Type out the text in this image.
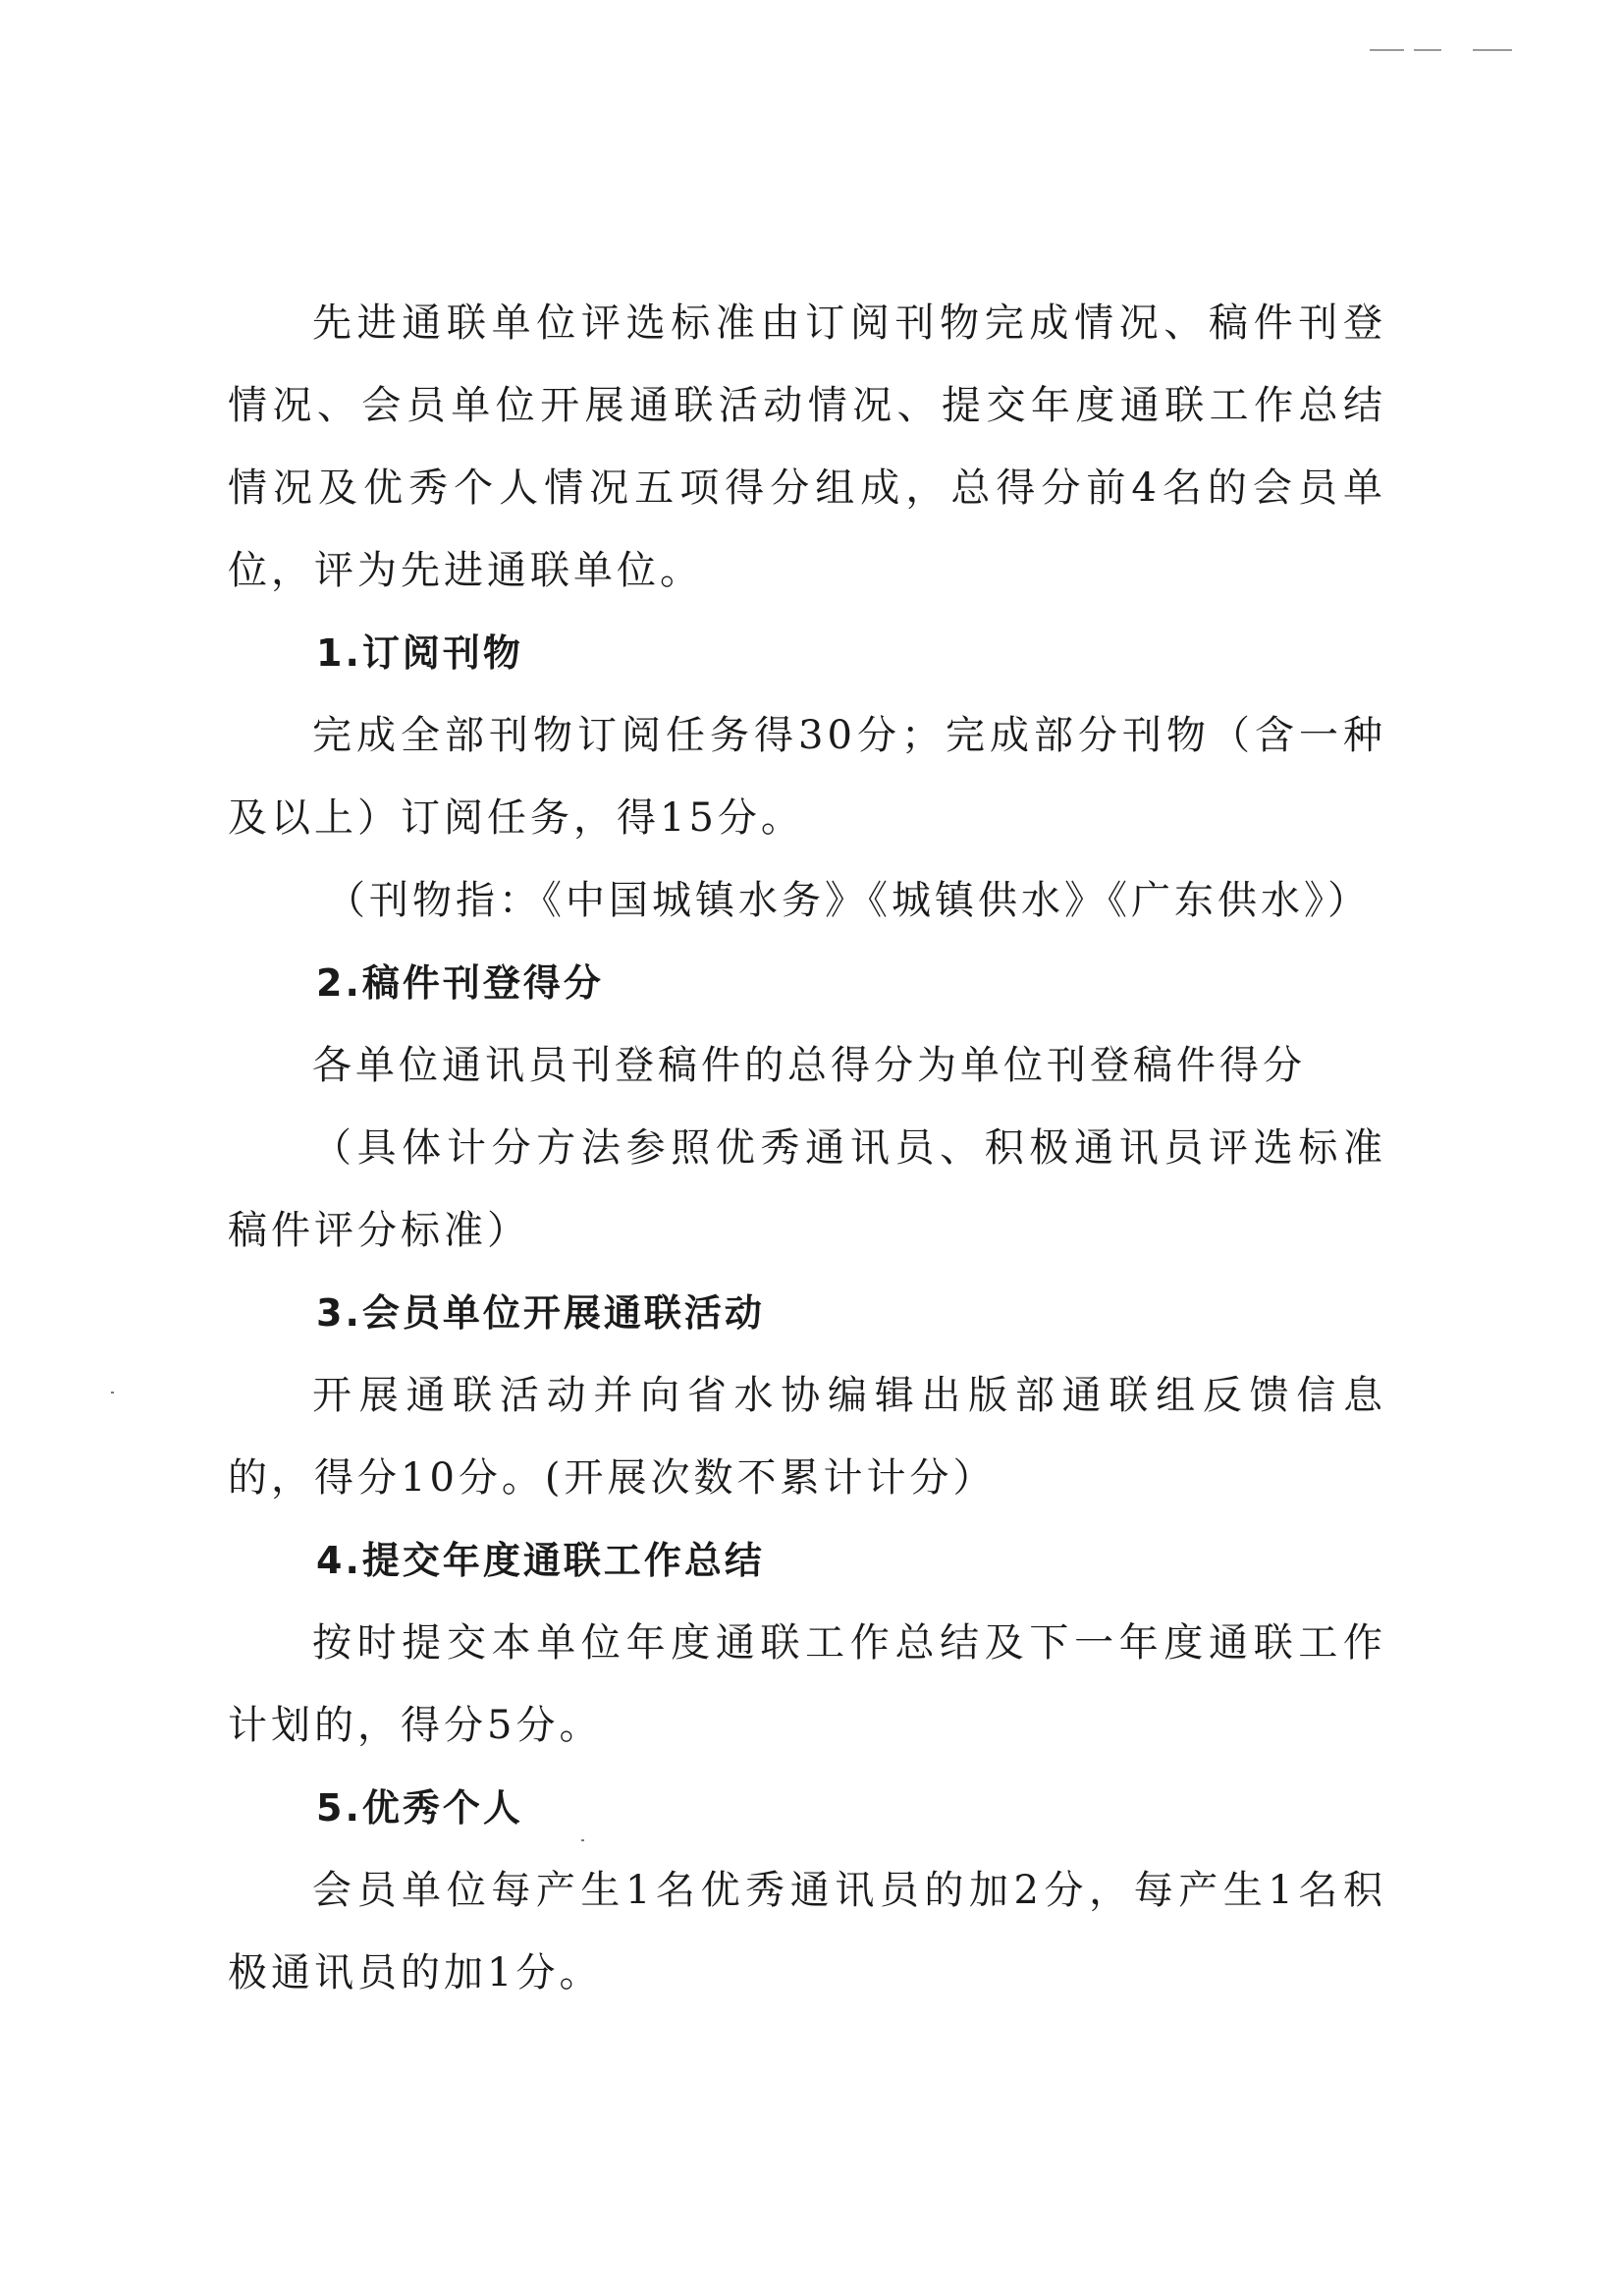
先进通联单位评选标准由订阅刊物完成情况、稿件刊登情况、会员单位开展通联活动情况、提交年度通联工作总结情况及优秀个人情况五项得分组成，总得分前4名的会员单位，评为先进通联单位。

1.订阅刊物

完成全部刊物订阅任务得30分；完成部分刊物（含一种及以上）订阅任务，得15分。

（刊物指：《中国城镇水务》《城镇供水》《广东供水》）

2.稿件刊登得分

各单位通讯员刊登稿件的总得分为单位刊登稿件得分

（具体计分方法参照优秀通讯员、积极通讯员评选标准稿件评分标准）

3.会员单位开展通联活动

开展通联活动并向省水协编辑出版部通联组反馈信息的，得分10分。(开展次数不累计计分）

4.提交年度通联工作总结

按时提交本单位年度通联工作总结及下一年度通联工作计划的，得分5分。

5.优秀个人

会员单位每产生1名优秀通讯员的加2分，每产生1名积极通讯员的加1分。
